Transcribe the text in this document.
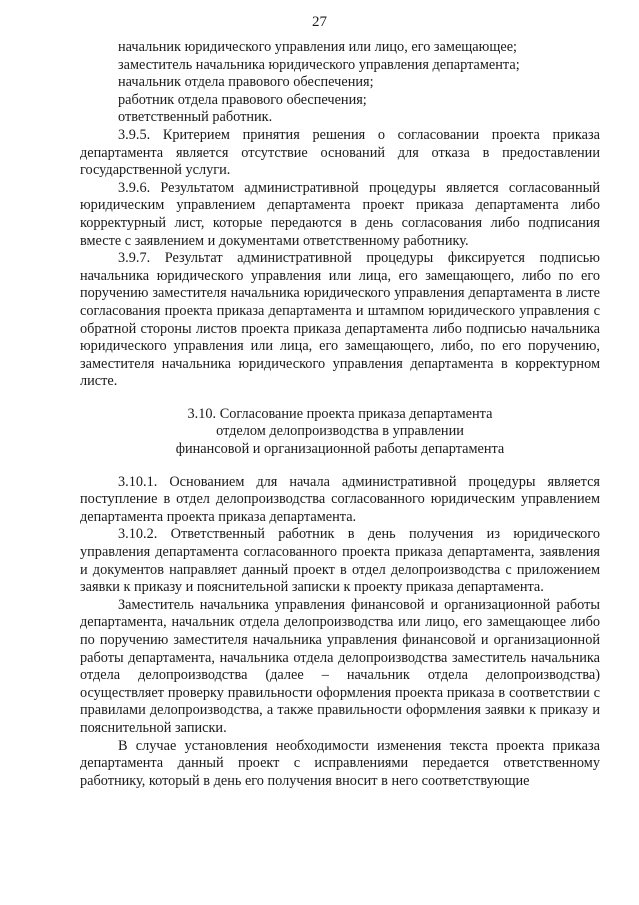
27
начальник юридического управления или лицо, его замещающее;
заместитель начальника юридического управления департамента;
начальник отдела правового обеспечения;
работник отдела правового обеспечения;
ответственный работник.

3.9.5. Критерием принятия решения о согласовании проекта приказа департамента является отсутствие оснований для отказа в предоставлении государственной услуги.

3.9.6. Результатом административной процедуры является согласованный юридическим управлением департамента проект приказа департамента либо корректурный лист, которые передаются в день согласования либо подписания вместе с заявлением и документами ответственному работнику.

3.9.7. Результат административной процедуры фиксируется подписью начальника юридического управления или лица, его замещающего, либо по его поручению заместителя начальника юридического управления департамента в листе согласования проекта приказа департамента и штампом юридического управления с обратной стороны листов проекта приказа департамента либо подписью начальника юридического управления или лица, его замещающего, либо, по его поручению, заместителя начальника юридического управления департамента в корректурном листе.

3.10. Согласование проекта приказа департамента
отделом делопроизводства в управлении
финансовой и организационной работы департамента

3.10.1. Основанием для начала административной процедуры является поступление в отдел делопроизводства согласованного юридическим управлением департамента проекта приказа департамента.

3.10.2. Ответственный работник в день получения из юридического управления департамента согласованного проекта приказа департамента, заявления и документов направляет данный проект в отдел делопроизводства с приложением заявки к приказу и пояснительной записки к проекту приказа департамента.

Заместитель начальника управления финансовой и организационной работы департамента, начальник отдела делопроизводства или лицо, его замещающее либо по поручению заместителя начальника управления финансовой и организационной работы департамента, начальника отдела делопроизводства заместитель начальника отдела делопроизводства (далее – начальник отдела делопроизводства) осуществляет проверку правильности оформления проекта приказа в соответствии с правилами делопроизводства, а также правильности оформления заявки к приказу и пояснительной записки.

В случае установления необходимости изменения текста проекта приказа департамента данный проект с исправлениями передается ответственному работнику, который в день его получения вносит в него соответствующие
